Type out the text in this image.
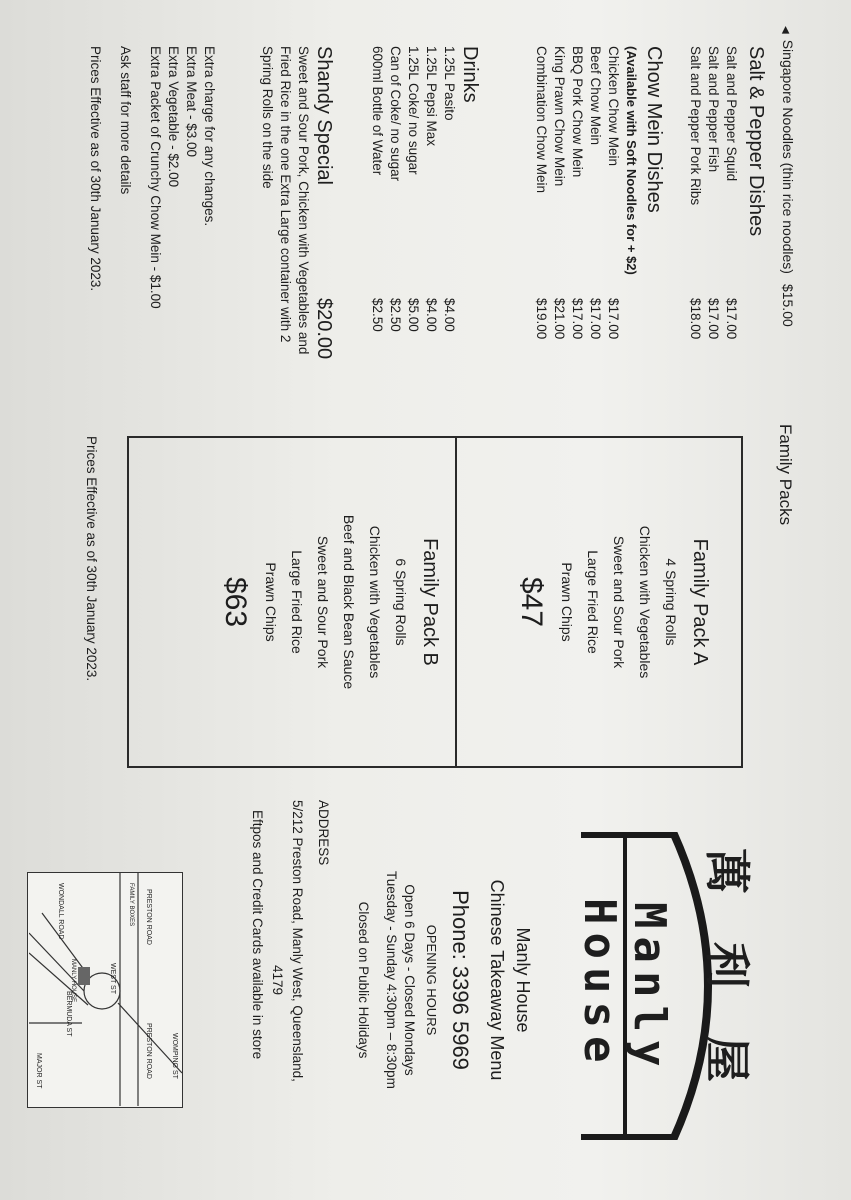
◀Singapore Noodles (thin rice noodles)$15.00
Salt & Pepper Dishes
Salt and Pepper Squid
$17.00
Salt and Pepper Fish
$17.00
Salt and Pepper Pork Ribs
$18.00
Chow Mein Dishes
(Available with Soft Noodles for + $2)
Chicken Chow Mein
$17.00
Beef Chow Mein
$17.00
BBQ Pork Chow Mein
$17.00
King Prawn Chow Mein
$21.00
Combination Chow Mein
$19.00
Drinks
1.25L Pasito
$4.00
1.25L Pepsi Max
$4.00
1.25L Coke/ no sugar
$5.00
Can of Coke/ no sugar
$2.50
600ml Bottle of Water
$2.50
Shandy Special
$20.00
Sweet and Sour Pork, Chicken with Vegetables and
Fried Rice in the one Extra Large container with 2
Spring Rolls on the side
Extra charge for any changes.
Extra Meat - $3.00
Extra Vegetable - $2.00
Extra Packet of Crunchy Chow Mein - $1.00
Ask staff for more details
Prices Effective as of 30th January 2023.
Family Packs
Family Pack A
4 Spring Rolls
Chicken with Vegetables
Sweet and Sour Pork
Large Fried Rice
Prawn Chips
$47
Family Pack B
6 Spring Rolls
Chicken with Vegetables
Beef and Black Bean Sauce
Sweet and Sour Pork
Large Fried Rice
Prawn Chips
$63
Prices Effective as of 30th January 2023.
萬利屋
Manly
House
Manly House
Chinese Takeaway Menu
Phone: 3396 5969
OPENING HOURS
Open 6 Days - Closed Mondays
Tuesday - Sunday 4:30pm – 8:30pm
Closed on Public Holidays
ADDRESS
5/212 Preston Road, Manly West, Queensland,
4179
Eftpos and Credit Cards available in store
PRESTON ROAD
PRESTON ROAD
WEST ST
WOMPING ST
WONDALL ROAD
BERMUDA ST
MAJOR ST
MANLY HOUSE
FAMILY BOXES
